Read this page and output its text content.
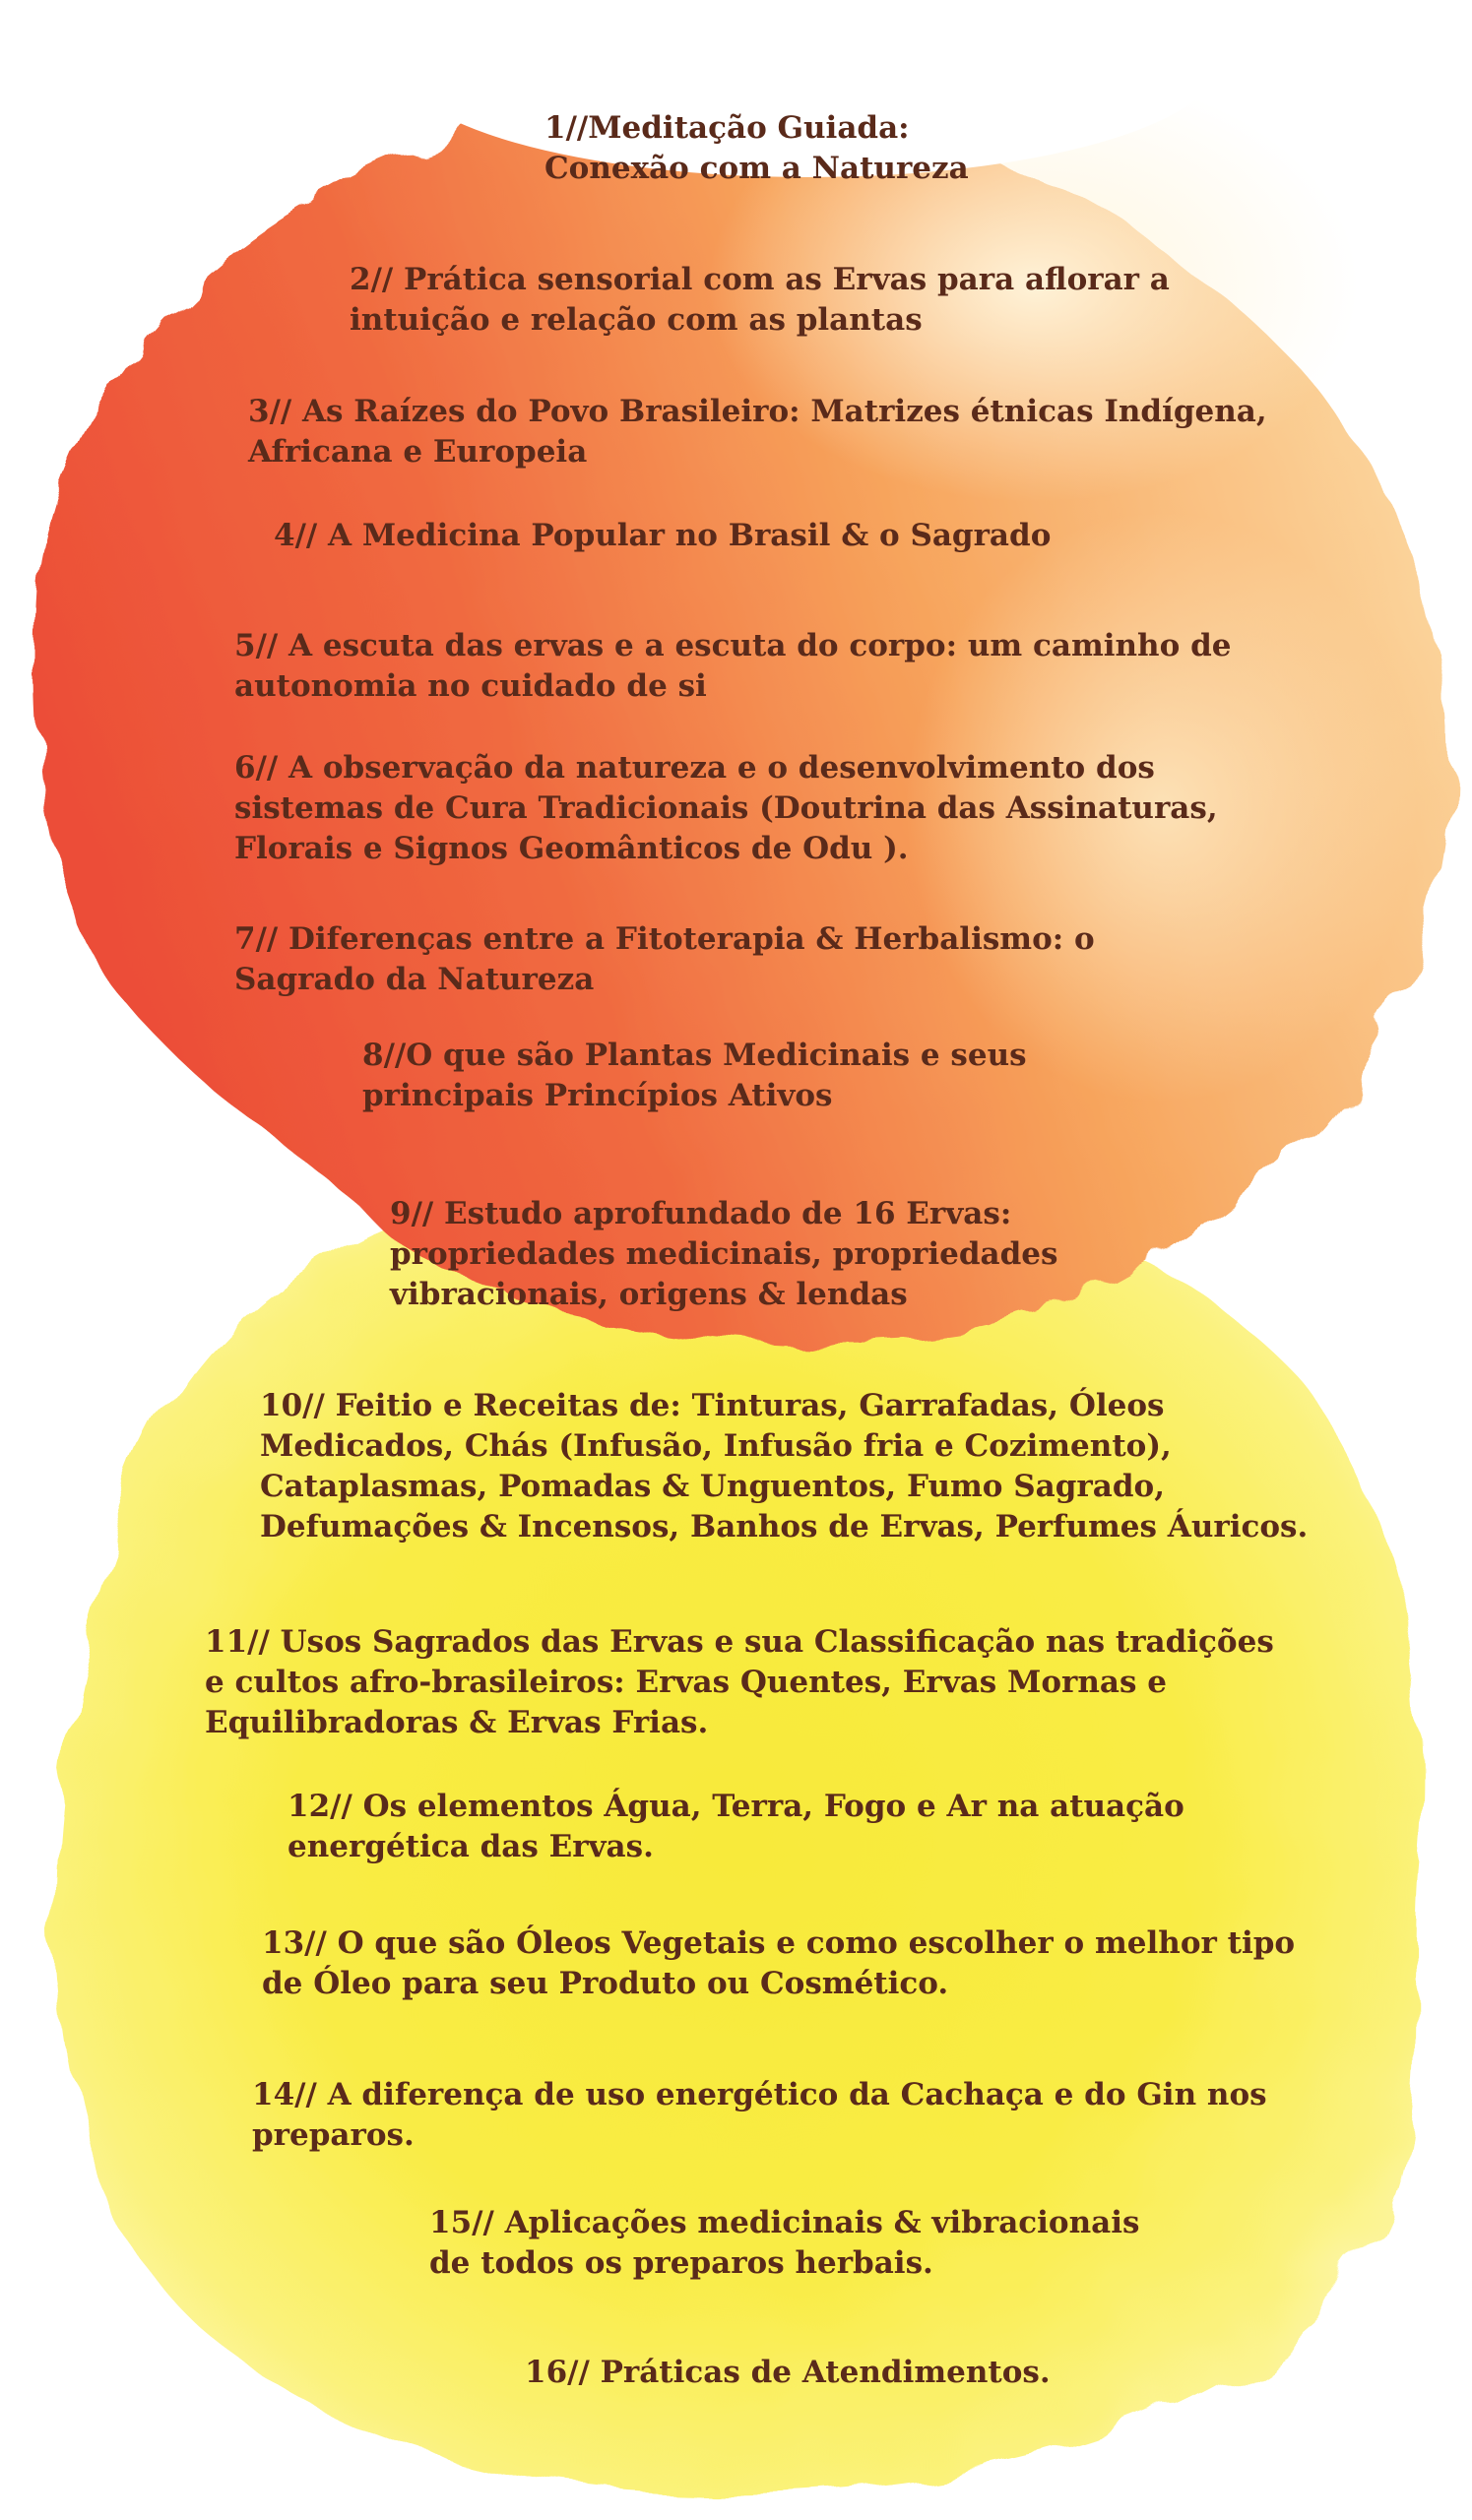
1//Meditação Guiada:
Conexão com a Natureza
2// Prática sensorial com as Ervas para aflorar a
intuição e relação com as plantas
3// As Raízes do Povo Brasileiro: Matrizes étnicas Indígena,
Africana e Europeia
4// A Medicina Popular no Brasil & o Sagrado
5// A escuta das ervas e a escuta do corpo: um caminho de
autonomia no cuidado de si
6// A observação da natureza e o desenvolvimento dos
sistemas de Cura Tradicionais (Doutrina das Assinaturas,
Florais e Signos Geomânticos de Odu ).
7// Diferenças entre a Fitoterapia & Herbalismo: o
Sagrado da Natureza
8//O que são Plantas Medicinais e seus
principais Princípios Ativos
9// Estudo aprofundado de 16 Ervas:
propriedades medicinais, propriedades
vibracionais, origens & lendas
10// Feitio e Receitas de: Tinturas, Garrafadas, Óleos
Medicados, Chás (Infusão, Infusão fria e Cozimento),
Cataplasmas, Pomadas & Unguentos, Fumo Sagrado,
Defumações & Incensos, Banhos de Ervas, Perfumes Áuricos.
11// Usos Sagrados das Ervas e sua Classificação nas tradições
e cultos afro-brasileiros: Ervas Quentes, Ervas Mornas e
Equilibradoras & Ervas Frias.
12// Os elementos Água, Terra, Fogo e Ar na atuação
energética das Ervas.
13// O que são Óleos Vegetais e como escolher o melhor tipo
de Óleo para seu Produto ou Cosmético.
14// A diferença de uso energético da Cachaça e do Gin nos
preparos.
15// Aplicações medicinais & vibracionais
de todos os preparos herbais.
16// Práticas de Atendimentos.
